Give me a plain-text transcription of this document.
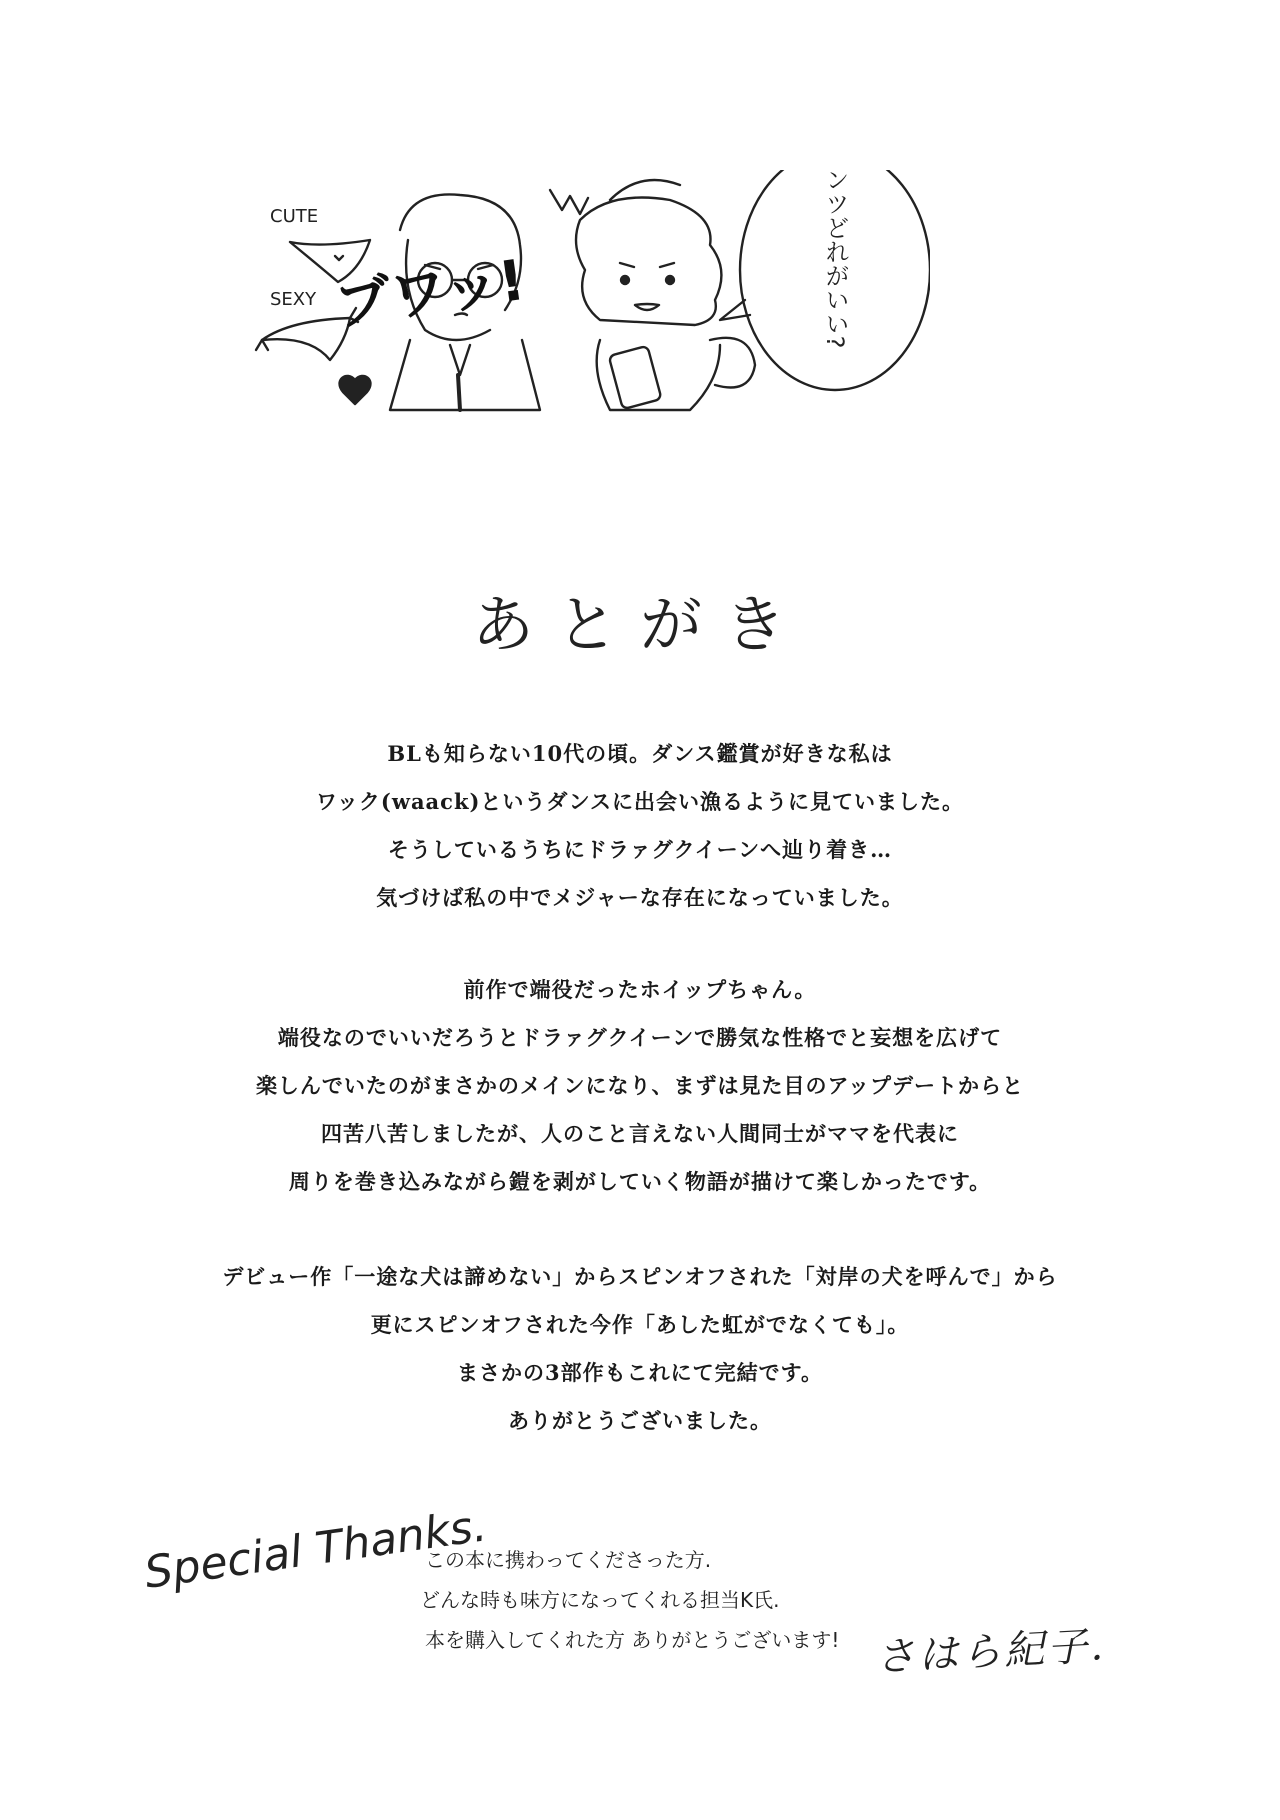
CUTE
SEXY ブワッ!	新しいパンツどれがいい?
あとがき
BLも知らない10代の頃。ダンス鑑賞が好きな私は
ワック(waack)というダンスに出会い漁るように見ていました。
そうしているうちにドラァグクイーンへ辿り着き…
気づけば私の中でメジャーな存在になっていました。
前作で端役だったホイップちゃん。
端役なのでいいだろうとドラァグクイーンで勝気な性格でと妄想を広げて
楽しんでいたのがまさかのメインになり、まずは見た目のアップデートからと
四苦八苦しましたが、人のこと言えない人間同士がママを代表に
周りを巻き込みながら鎧を剥がしていく物語が描けて楽しかったです。
デビュー作「一途な犬は諦めない」からスピンオフされた「対岸の犬を呼んで」から
更にスピンオフされた今作「あした虹がでなくても」。
まさかの3部作もこれにて完結です。
ありがとうございました。
Special Thanks.
この本に携わってくださった方.
どんな時も味方になってくれる担当K氏.
本を購入してくれた方 ありがとうございます! さはら紀子.
